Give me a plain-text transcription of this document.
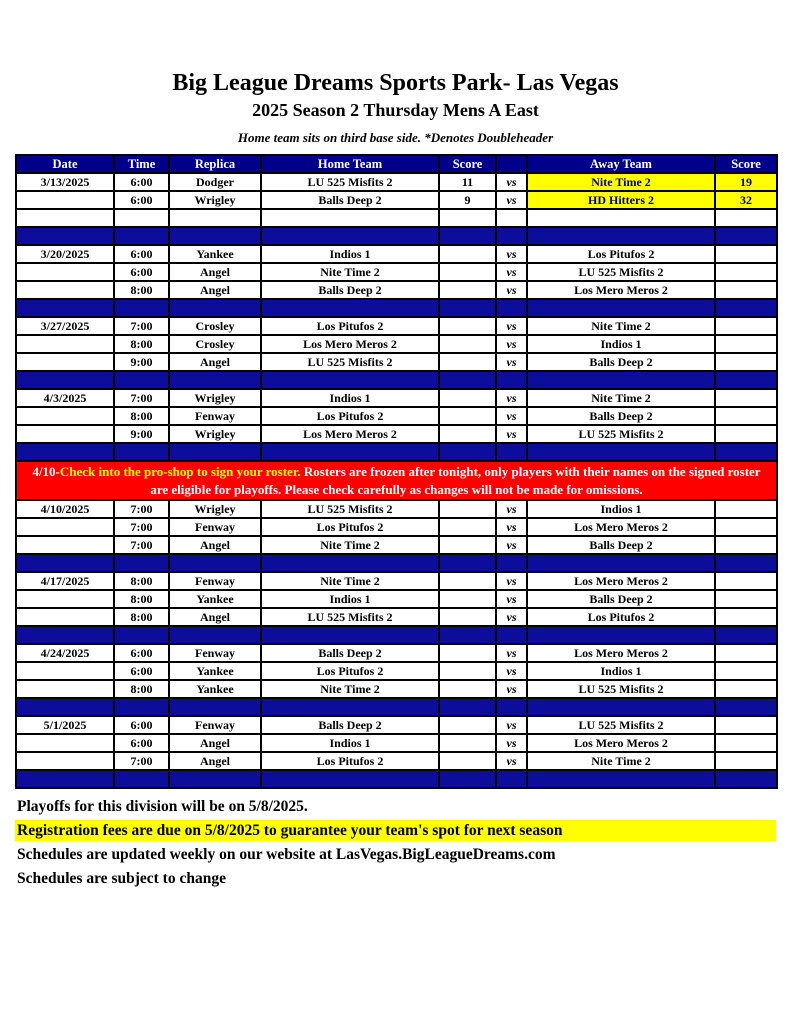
Big League Dreams Sports Park- Las Vegas
2025 Season 2 Thursday Mens A East
Home team sits on third base side. *Denotes Doubleheader
Date	Time	Replica	Home Team	Score		Away Team	Score
3/13/2025	6:00	Dodger	LU 525 Misfits 2	11	vs	Nite Time 2	19
	6:00	Wrigley	Balls Deep 2	9	vs	HD Hitters 2	32

3/20/2025	6:00	Yankee	Indios 1		vs	Los Pitufos 2	
	6:00	Angel	Nite Time 2		vs	LU 525 Misfits 2	
	8:00	Angel	Balls Deep 2		vs	Los Mero Meros 2	

3/27/2025	7:00	Crosley	Los Pitufos 2		vs	Nite Time 2	
	8:00	Crosley	Los Mero Meros 2		vs	Indios 1	
	9:00	Angel	LU 525 Misfits 2		vs	Balls Deep 2	

4/3/2025	7:00	Wrigley	Indios 1		vs	Nite Time 2	
	8:00	Fenway	Los Pitufos 2		vs	Balls Deep 2	
	9:00	Wrigley	Los Mero Meros 2		vs	LU 525 Misfits 2	

4/10-Check into the pro-shop to sign your roster. Rosters are frozen after tonight, only players with their names on the signed roster are eligible for playoffs. Please check carefully as changes will not be made for omissions.							
4/10/2025	7:00	Wrigley	LU 525 Misfits 2		vs	Indios 1	
	7:00	Fenway	Los Pitufos 2		vs	Los Mero Meros 2	
	7:00	Angel	Nite Time 2		vs	Balls Deep 2	

4/17/2025	8:00	Fenway	Nite Time 2		vs	Los Mero Meros 2	
	8:00	Yankee	Indios 1		vs	Balls Deep 2	
	8:00	Angel	LU 525 Misfits 2		vs	Los Pitufos 2	

4/24/2025	6:00	Fenway	Balls Deep 2		vs	Los Mero Meros 2	
	6:00	Yankee	Los Pitufos 2		vs	Indios 1	
	8:00	Yankee	Nite Time 2		vs	LU 525 Misfits 2	

5/1/2025	6:00	Fenway	Balls Deep 2		vs	LU 525 Misfits 2	
	6:00	Angel	Indios 1		vs	Los Mero Meros 2	
	7:00	Angel	Los Pitufos 2		vs	Nite Time 2	

Playoffs for this division will be on 5/8/2025.
Registration fees are due on 5/8/2025 to guarantee your team's spot for next season
Schedules are updated weekly on our website at LasVegas.BigLeagueDreams.com
Schedules are subject to change
